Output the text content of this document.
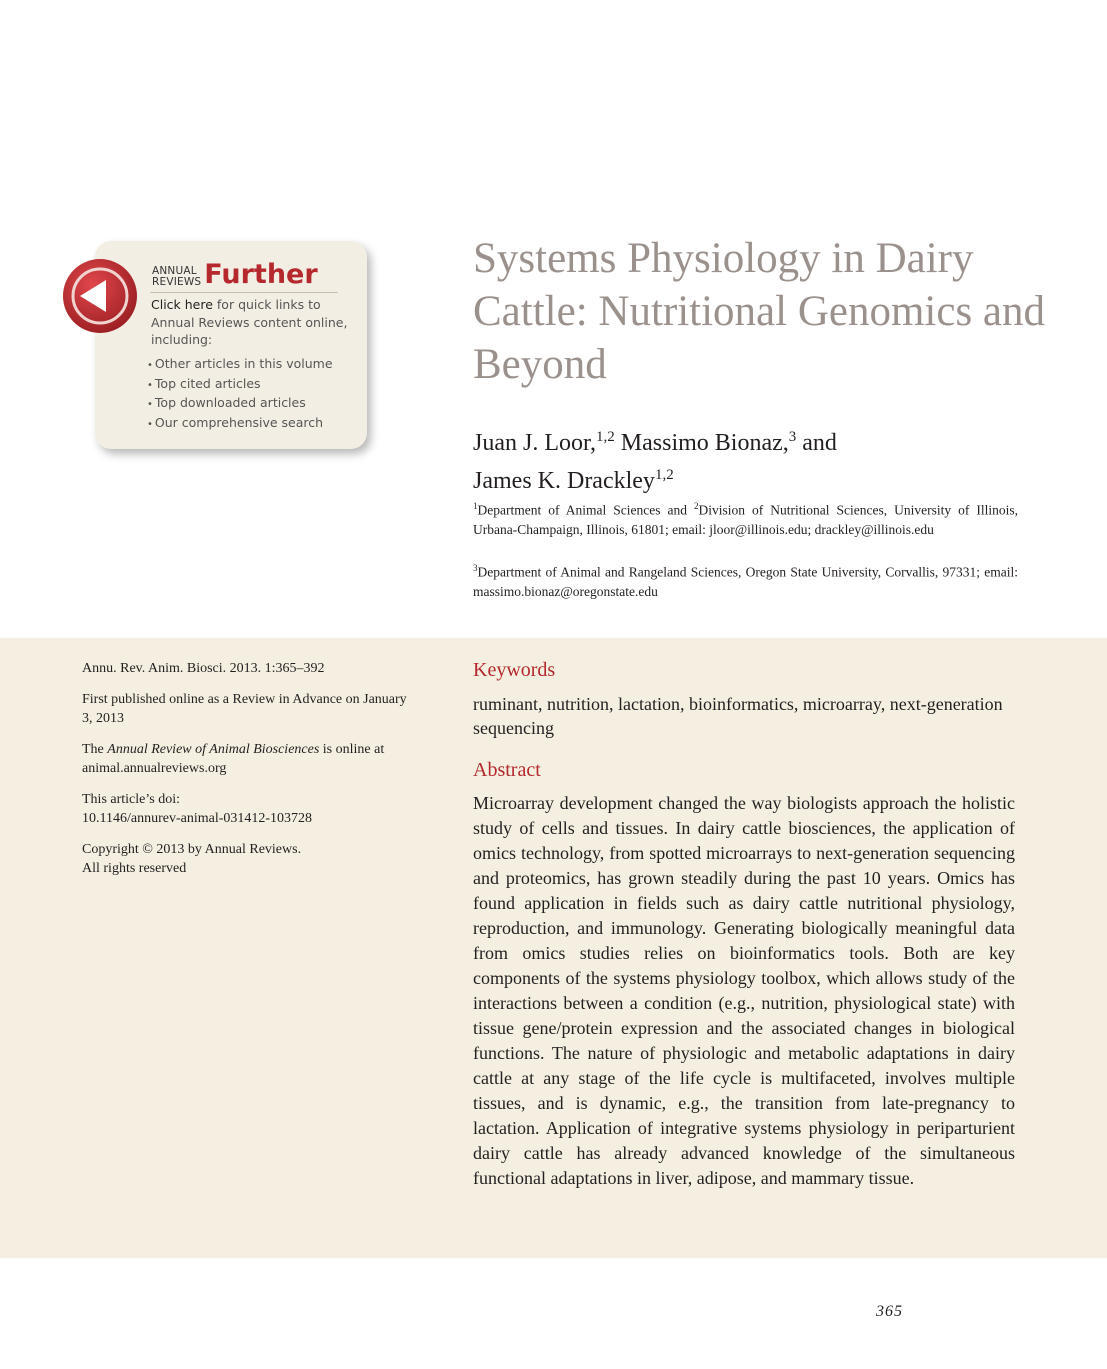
ANNUAL
REVIEWS Further
Click here for quick links to Annual Reviews content online, including:
• Other articles in this volume
• Top cited articles
• Top downloaded articles
• Our comprehensive search
Systems Physiology in Dairy Cattle: Nutritional Genomics and Beyond
Juan J. Loor,$^{1,2}$ Massimo Bionaz,$^3$ and
James K. Drackley$^{1,2}$
$^1$Department of Animal Sciences and $^2$Division of Nutritional Sciences, University of Illinois, Urbana-Champaign, Illinois, 61801; email: jloor@illinois.edu; drackley@illinois.edu
$^3$Department of Animal and Rangeland Sciences, Oregon State University, Corvallis, 97331; email: massimo.bionaz@oregonstate.edu
Annu. Rev. Anim. Biosci. 2013. 1:365–392
First published online as a Review in Advance on January 3, 2013
The Annual Review of Animal Biosciences is online at animal.annualreviews.org
This article’s doi:
10.1146/annurev-animal-031412-103728
Copyright © 2013 by Annual Reviews.
All rights reserved
Keywords
ruminant, nutrition, lactation, bioinformatics, microarray, next-generation sequencing
Abstract
Microarray development changed the way biologists approach the holistic study of cells and tissues. In dairy cattle biosciences, the application of omics technology, from spotted microarrays to next-generation sequencing and proteomics, has grown steadily during the past 10 years. Omics has found application in fields such as dairy cattle nutritional physiology, reproduction, and immunology. Generating biologically meaningful data from omics studies relies on bioinformatics tools. Both are key components of the systems physiology toolbox, which allows study of the interactions between a condition (e.g., nutrition, physiological state) with tissue gene/​protein expression and the associated changes in biological functions. The nature of physiologic and metabolic adaptations in dairy cattle at any stage of the life cycle is multifaceted, involves multiple tissues, and is dynamic, e.g., the transition from late-​pregnancy to lactation. Application of integrative systems physiology in periparturient dairy cattle has already advanced knowledge of the simultaneous functional adaptations in liver, adipose, and mammary tissue.
365
